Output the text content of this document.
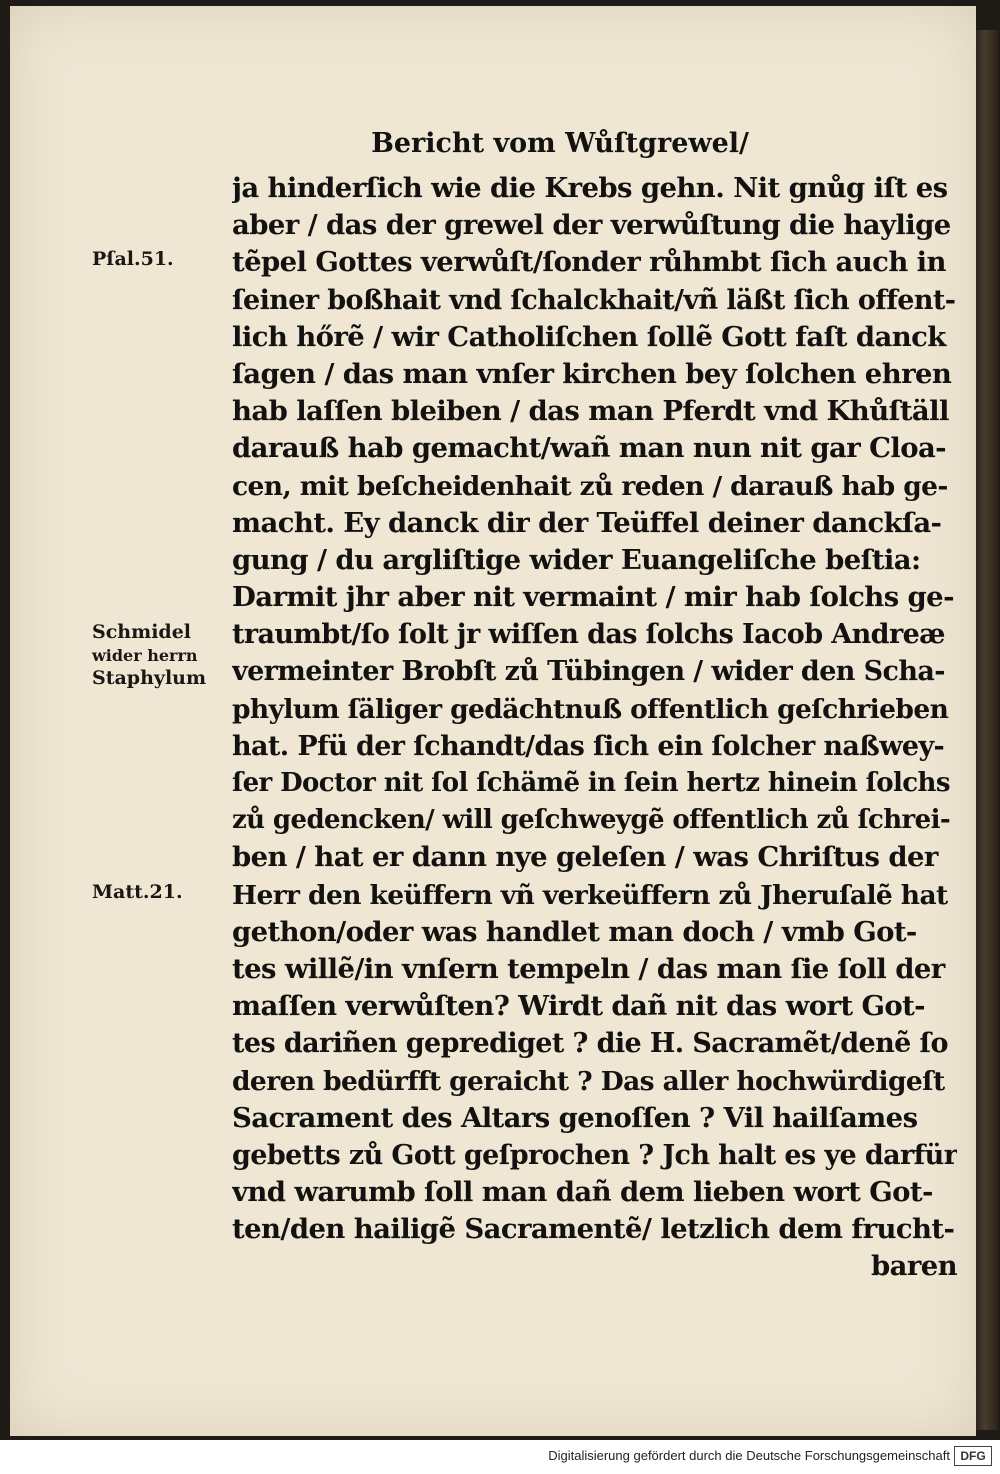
Bericht vom Wůſtgrewel/
Pſal.51.
Schmidel
wider herrn
Staphylum
Matt.21.
ja hinderſich wie die Krebs gehn. Nit gnůg iſt es
aber / das der grewel der verwůſtung die haylige
tẽpel Gottes verwůſt/ſonder růhmbt ſich auch in
ſeiner boßhait vnd ſchalckhait/vñ läßt ſich offent-
lich hőrẽ / wir Catholiſchen ſollẽ Gott faſt danck
ſagen / das man vnſer kirchen bey ſolchen ehren
hab laſſen bleiben / das man Pferdt vnd Khůſtäll
darauß hab gemacht/wañ man nun nit gar Cloa-
cen, mit beſcheidenhait zů reden / darauß hab ge-
macht. Ey danck dir der Teüffel deiner danckſa-
gung / du argliſtige wider Euangeliſche beſtia:
Darmit jhr aber nit vermaint / mir hab ſolchs ge-
traumbt/ſo ſolt jr wiſſen das ſolchs Iacob Andreæ
vermeinter Brobſt zů Tübingen / wider den Scha-
phylum ſäliger gedächtnuß offentlich geſchrieben
hat. Pfü der ſchandt/das ſich ein ſolcher naßwey-
ſer Doctor nit ſol ſchämẽ in ſein hertz hinein ſolchs
zů gedencken/ will geſchweygẽ offentlich zů ſchrei-
ben / hat er dann nye geleſen / was Chriſtus der
Herr den keüffern vñ verkeüffern zů Jheruſalẽ hat
gethon/oder was handlet man doch / vmb Got-
tes willẽ/in vnſern tempeln / das man ſie ſoll der
maſſen verwůſten? Wirdt dañ nit das wort Got-
tes dariñen geprediget ? die H. Sacramẽt/denẽ ſo
deren bedürfft geraicht ? Das aller hochwürdigeſt
Sacrament des Altars genoſſen ? Vil hailſames
gebetts zů Gott geſprochen ? Jch halt es ye darfür
vnd warumb ſoll man dañ dem lieben wort Got-
ten/den hailigẽ Sacramentẽ/ letzlich dem frucht-
baren
Digitalisierung gefördert durch die Deutsche Forschungsgemeinschaft DFG
